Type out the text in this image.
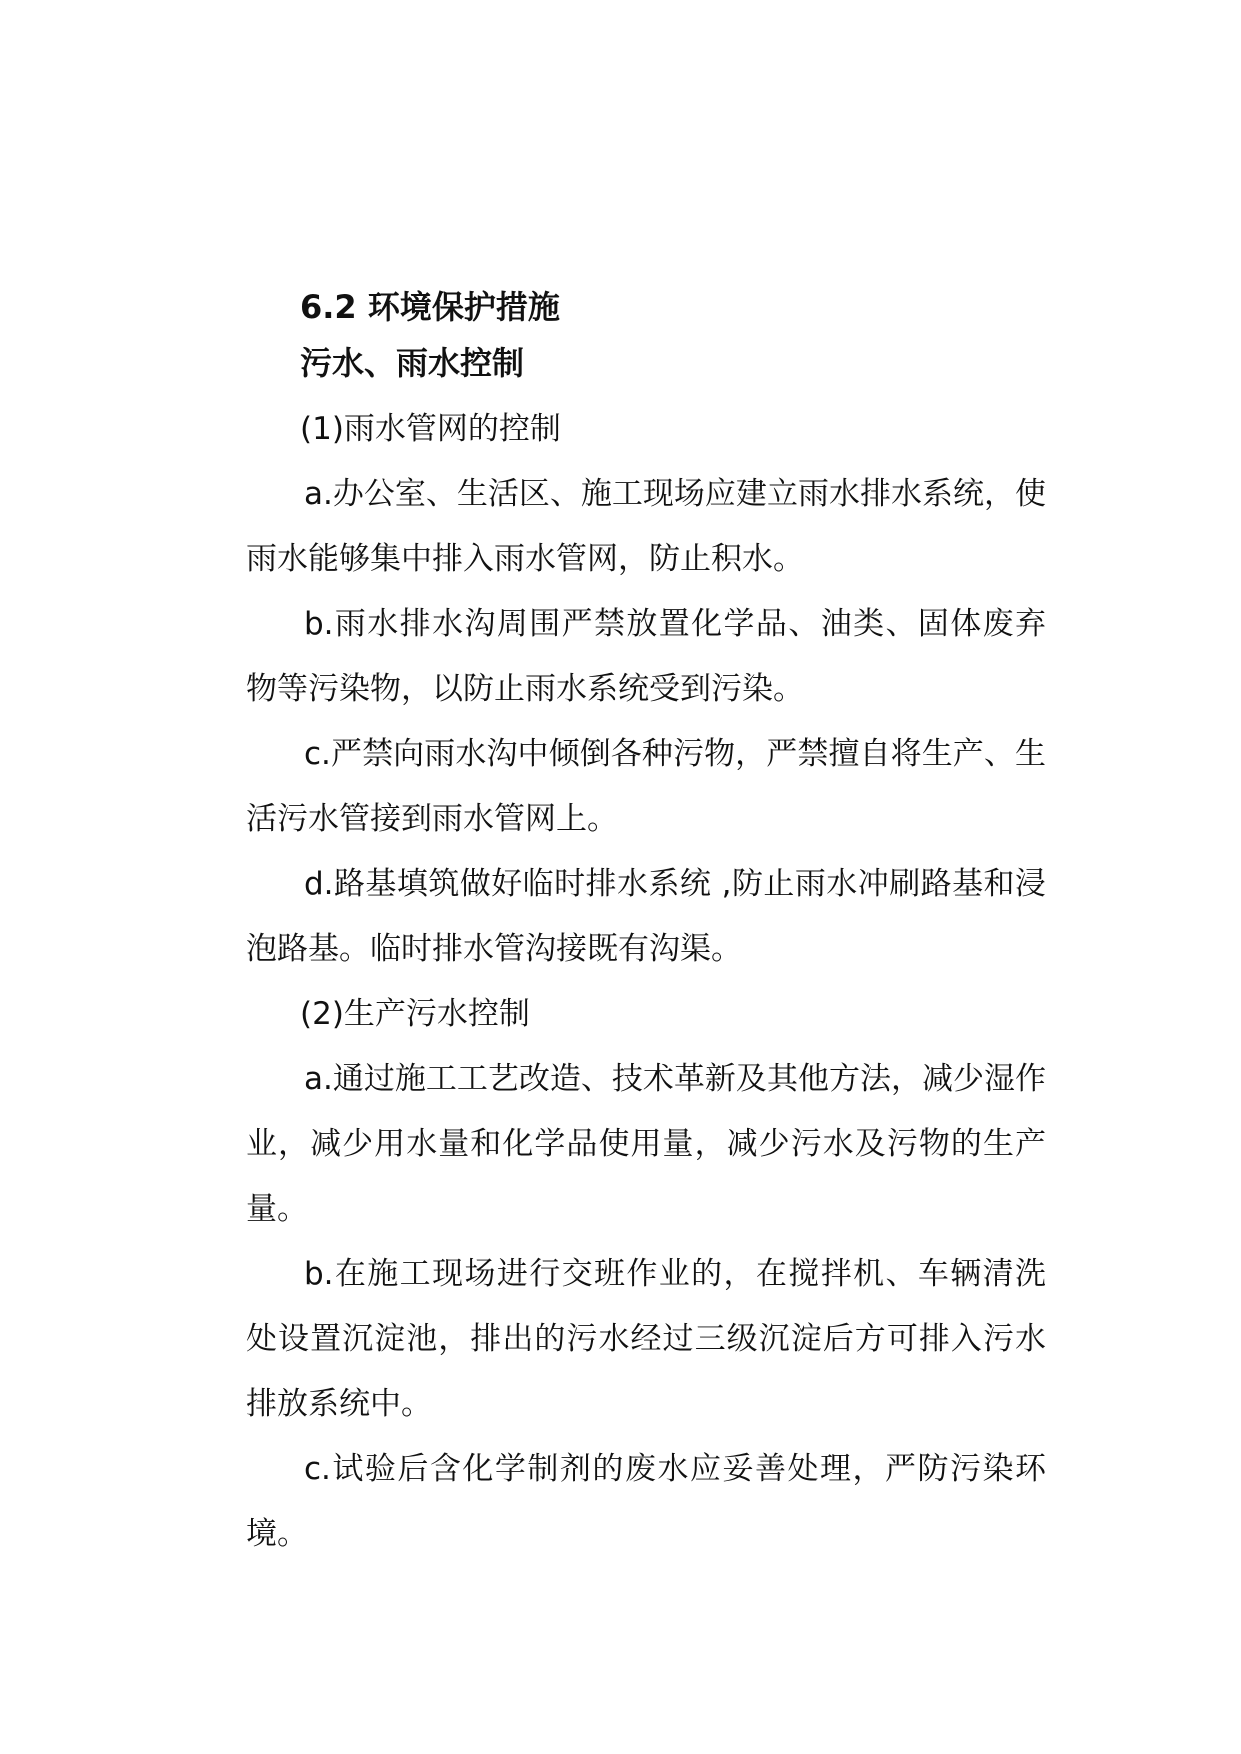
6.2 环境保护措施
污水、雨水控制
(1)雨水管网的控制

a.办公室、生活区、施工现场应建立雨水排水系统，使雨水能够集中排入雨水管网，防止积水。

b.雨水排水沟周围严禁放置化学品、油类、固体废弃物等污染物，以防止雨水系统受到污染。

c.严禁向雨水沟中倾倒各种污物，严禁擅自将生产、生活污水管接到雨水管网上。

d.路基填筑做好临时排水系统 ,防止雨水冲刷路基和浸泡路基。临时排水管沟接既有沟渠。

(2)生产污水控制

a.通过施工工艺改造、技术革新及其他方法，减少湿作业，减少用水量和化学品使用量，减少污水及污物的生产量。

b.在施工现场进行交班作业的，在搅拌机、车辆清洗处设置沉淀池，排出的污水经过三级沉淀后方可排入污水排放系统中。

c.试验后含化学制剂的废水应妥善处理，严防污染环境。
